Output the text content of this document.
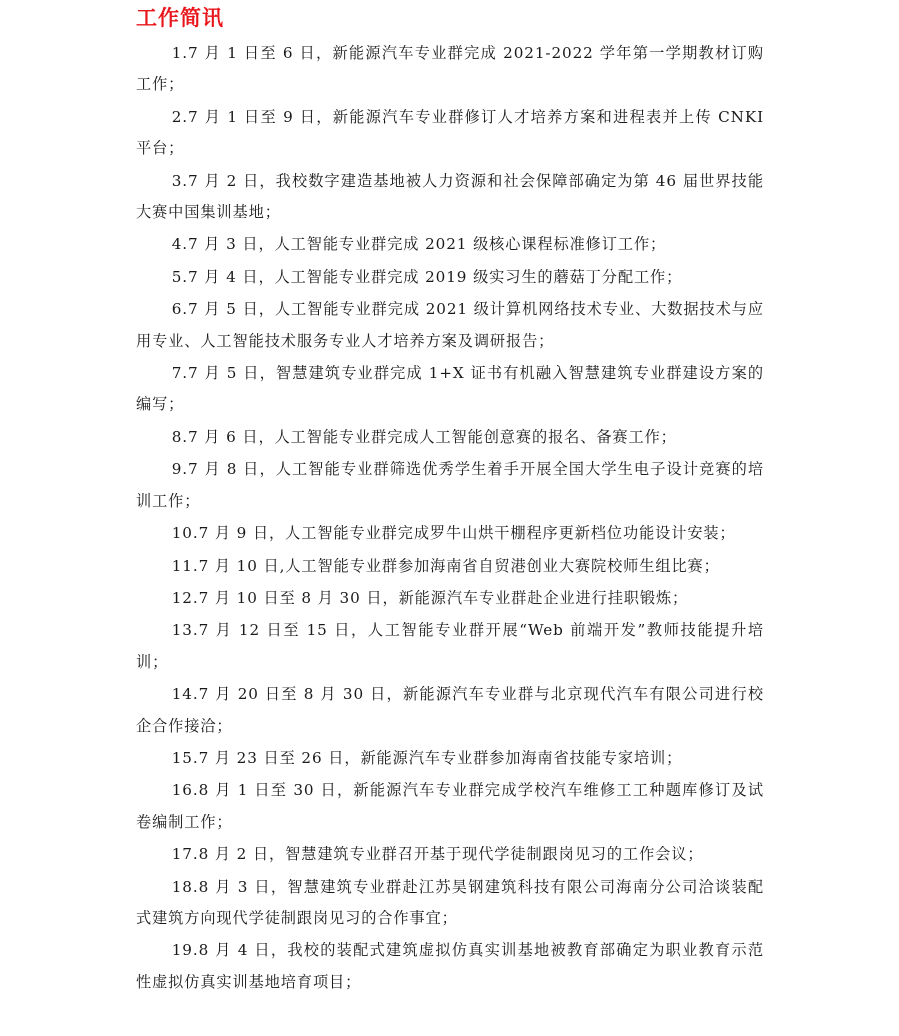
工作简讯
1.7 月 1 日至 6 日，新能源汽车专业群完成 2021-2022 学年第一学期教材订购工作；
2.7 月 1 日至 9 日，新能源汽车专业群修订人才培养方案和进程表并上传 CNKI 平台；
3.7 月 2 日，我校数字建造基地被人力资源和社会保障部确定为第 46 届世界技能大赛中国集训基地；
4.7 月 3 日，人工智能专业群完成 2021 级核心课程标准修订工作；
5.7 月 4 日，人工智能专业群完成 2019 级实习生的蘑菇丁分配工作；
6.7 月 5 日，人工智能专业群完成 2021 级计算机网络技术专业、大数据技术与应用专业、人工智能技术服务专业人才培养方案及调研报告；
7.7 月 5 日，智慧建筑专业群完成 1+X 证书有机融入智慧建筑专业群建设方案的编写；
8.7 月 6 日，人工智能专业群完成人工智能创意赛的报名、备赛工作；
9.7 月 8 日，人工智能专业群筛选优秀学生着手开展全国大学生电子设计竞赛的培训工作；
10.7 月 9 日，人工智能专业群完成罗牛山烘干棚程序更新档位功能设计安装；
11.7 月 10 日,人工智能专业群参加海南省自贸港创业大赛院校师生组比赛；
12.7 月 10 日至 8 月 30 日，新能源汽车专业群赴企业进行挂职锻炼；
13.7 月 12 日至 15 日，人工智能专业群开展“Web 前端开发”教师技能提升培训；
14.7 月 20 日至 8 月 30 日，新能源汽车专业群与北京现代汽车有限公司进行校企合作接洽；
15.7 月 23 日至 26 日，新能源汽车专业群参加海南省技能专家培训；
16.8 月 1 日至 30 日，新能源汽车专业群完成学校汽车维修工工种题库修订及试卷编制工作；
17.8 月 2 日，智慧建筑专业群召开基于现代学徒制跟岗见习的工作会议；
18.8 月 3 日，智慧建筑专业群赴江苏昊钢建筑科技有限公司海南分公司洽谈装配式建筑方向现代学徒制跟岗见习的合作事宜；
19.8 月 4 日，我校的装配式建筑虚拟仿真实训基地被教育部确定为职业教育示范性虚拟仿真实训基地培育项目；
